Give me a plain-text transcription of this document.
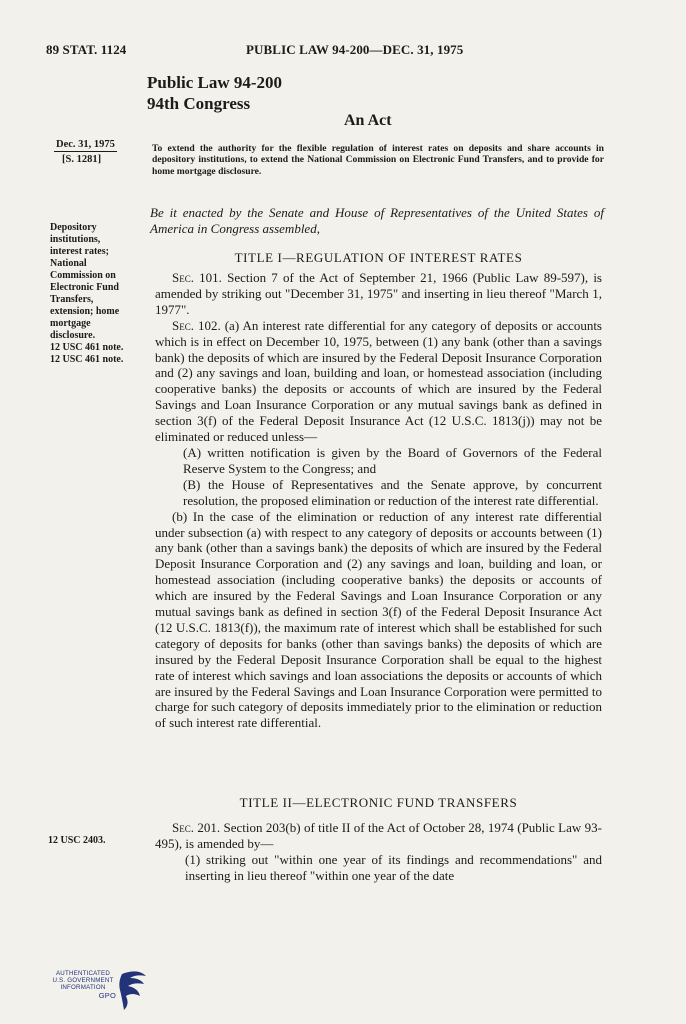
89 STAT. 1124	PUBLIC LAW 94-200—DEC. 31, 1975
Public Law 94-200
94th Congress
An Act
Dec. 31, 1975
[S. 1281]
To extend the authority for the flexible regulation of interest rates on deposits and share accounts in depository institutions, to extend the National Commission on Electronic Fund Transfers, and to provide for home mortgage disclosure.
Be it enacted by the Senate and House of Representatives of the United States of America in Congress assembled,
Depository
institutions,
interest rates;
National
Commission on
Electronic Fund
Transfers,
extension; home
mortgage
disclosure.
12 USC 461 note.
12 USC 461 note.
TITLE I—REGULATION OF INTEREST RATES

Sec. 101. Section 7 of the Act of September 21, 1966 (Public Law 89-597), is amended by striking out "December 31, 1975" and inserting in lieu thereof "March 1, 1977".

Sec. 102. (a) An interest rate differential for any category of deposits or accounts which is in effect on December 10, 1975, between (1) any bank (other than a savings bank) the deposits of which are insured by the Federal Deposit Insurance Corporation and (2) any savings and loan, building and loan, or homestead association (including cooperative banks) the deposits or accounts of which are insured by the Federal Savings and Loan Insurance Corporation or any mutual savings bank as defined in section 3(f) of the Federal Deposit Insurance Act (12 U.S.C. 1813(j)) may not be eliminated or reduced unless—

(A) written notification is given by the Board of Governors of the Federal Reserve System to the Congress; and

(B) the House of Representatives and the Senate approve, by concurrent resolution, the proposed elimination or reduction of the interest rate differential.

(b) In the case of the elimination or reduction of any interest rate differential under subsection (a) with respect to any category of deposits or accounts between (1) any bank (other than a savings bank) the deposits of which are insured by the Federal Deposit Insurance Corporation and (2) any savings and loan, building and loan, or homestead association (including cooperative banks) the deposits or accounts of which are insured by the Federal Savings and Loan Insurance Corporation or any mutual savings bank as defined in section 3(f) of the Federal Deposit Insurance Act (12 U.S.C. 1813(f)), the maximum rate of interest which shall be established for such category of deposits for banks (other than savings banks) the deposits of which are insured by the Federal Deposit Insurance Corporation shall be equal to the highest rate of interest which savings and loan associations the deposits or accounts of which are insured by the Federal Savings and Loan Insurance Corporation were permitted to charge for such category of deposits immediately prior to the elimination or reduction of such interest rate differential.

TITLE II—ELECTRONIC FUND TRANSFERS
12 USC 2403.

Sec. 201. Section 203(b) of title II of the Act of October 28, 1974 (Public Law 93-495), is amended by—

(1) striking out "within one year of its findings and recommendations" and inserting in lieu thereof "within one year of the date

AUTHENTICATED
U.S. GOVERNMENT
INFORMATION
GPO
